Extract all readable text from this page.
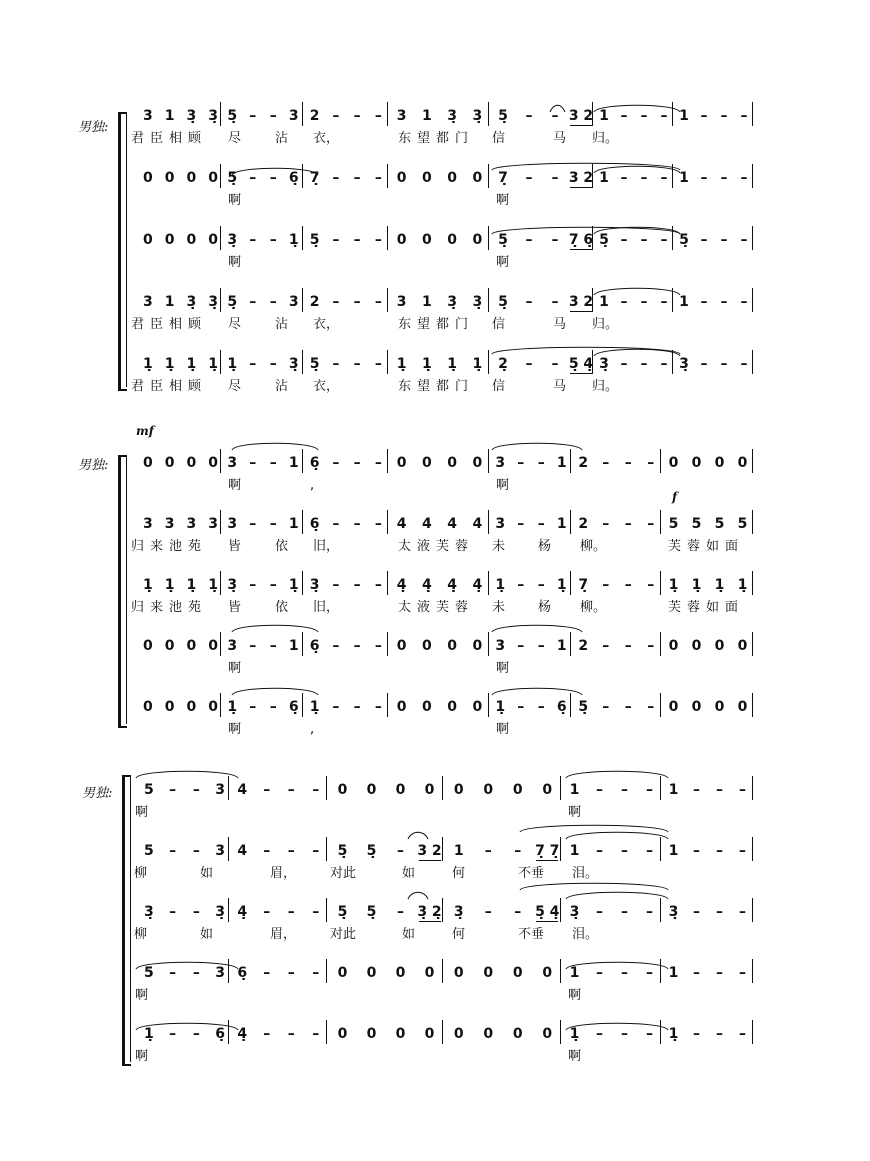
男独:
3 1 3̣ 3̣ 5̣ – – 3 2 –	–	–	3	1	3̣	3̣	5̣	–	– 3 2 1 – – – 1 – – –
君臣相顾 尽	沾 衣，	东望都门 信	马 归。
0 0 0 0 5̣ – – 6̣ 7̣ –	–	–	0	0	0	0	7̣	–	– 3 2 1 – – – 1 – – –
啊	啊
0 0 0 0 3̣ – – 1̣ 5̣ –	–	–	0	0	0	0	5̣	–	– 7̣ 6̣ 5̣ – – – 5̣ – – –
啊	啊
3 1 3̣ 3̣ 5̣ – – 3 2 –	–	–	3	1	3̣	3̣	5̣	–	– 3 2 1 – – – 1 – – –
君臣相顾 尽	沾 衣，	东望都门 信	马 归。
1̣ 1̣ 1̣ 1̣ 1̣ – – 3̣ 5̣ –	–	–	1̣	1̣	1̣	1̣	2̣	–	– 5̣ 4̣ 3̣ – – – 3̣ – – –
君臣相顾 尽	沾 衣，	东望都门 信	马 归。
男独:	0 0 0 0 3 – – 1 6̣ –	–	–	0	0	0	0 3 – – 1 2	–	–	–	0 0 0 0
啊	,	啊
3 3 3 3 3 – – 1 6̣ –	–	–	4	4	4	4 3 – – 1 2	–	–	–	5 5 5 5
归来池苑 皆	依 旧，	太液芙蓉 未	杨 柳。	芙蓉如面
1̣ 1̣ 1̣ 1̣ 3̣ – – 1̣ 3̣ –	–	–	4̣	4̣	4̣	4̣ 1̣ – – 1̣ 7̣	–	–	–	1̣ 1̣ 1̣ 1̣
归来池苑 皆	依 旧，	太液芙蓉 未	杨 柳。	芙蓉如面
0 0 0 0 3 – – 1 6̣ –	–	–	0	0	0	0 3 – – 1 2	–	–	–	0 0 0 0
啊	啊
0 0 0 0 1̣ – – 6̣ 1̣ –	–	–	0	0	0	0 1̣ – – 6̣ 5̣	–	–	–	0 0 0 0
啊	,	啊
男独:	5	–	–	3 4	–	–	–	0	0	0	0	0	0	0	0	1	–	–	–	1	–	–	–
啊	啊
5	–	–	3 4	–	–	–	5̣	5̣	– 3 2 1	–	– 7̣ 7̣ 1	–	–	–	1	–	–	–
柳	如	眉，	对此	如	何	不垂 泪。
3̣	–	–	3̣ 4̣	–	–	–	5̣	5̣	– 3̣ 2̣ 3̣	–	– 5̣ 4̣ 3̣	–	–	–	3̣	–	–	–
柳	如	眉，	对此	如	何	不垂 泪。
5	–	–	3 6̣	–	–	–	0	0	0	0	0	0	0	0	1	–	–	–	1	–	–	–
啊	啊
1̣	–	–	6̣ 4̣	–	–	–	0	0	0	0	0	0	0	0	1̣	–	–	–	1̣	–	–	–
啊	啊
mf
f
